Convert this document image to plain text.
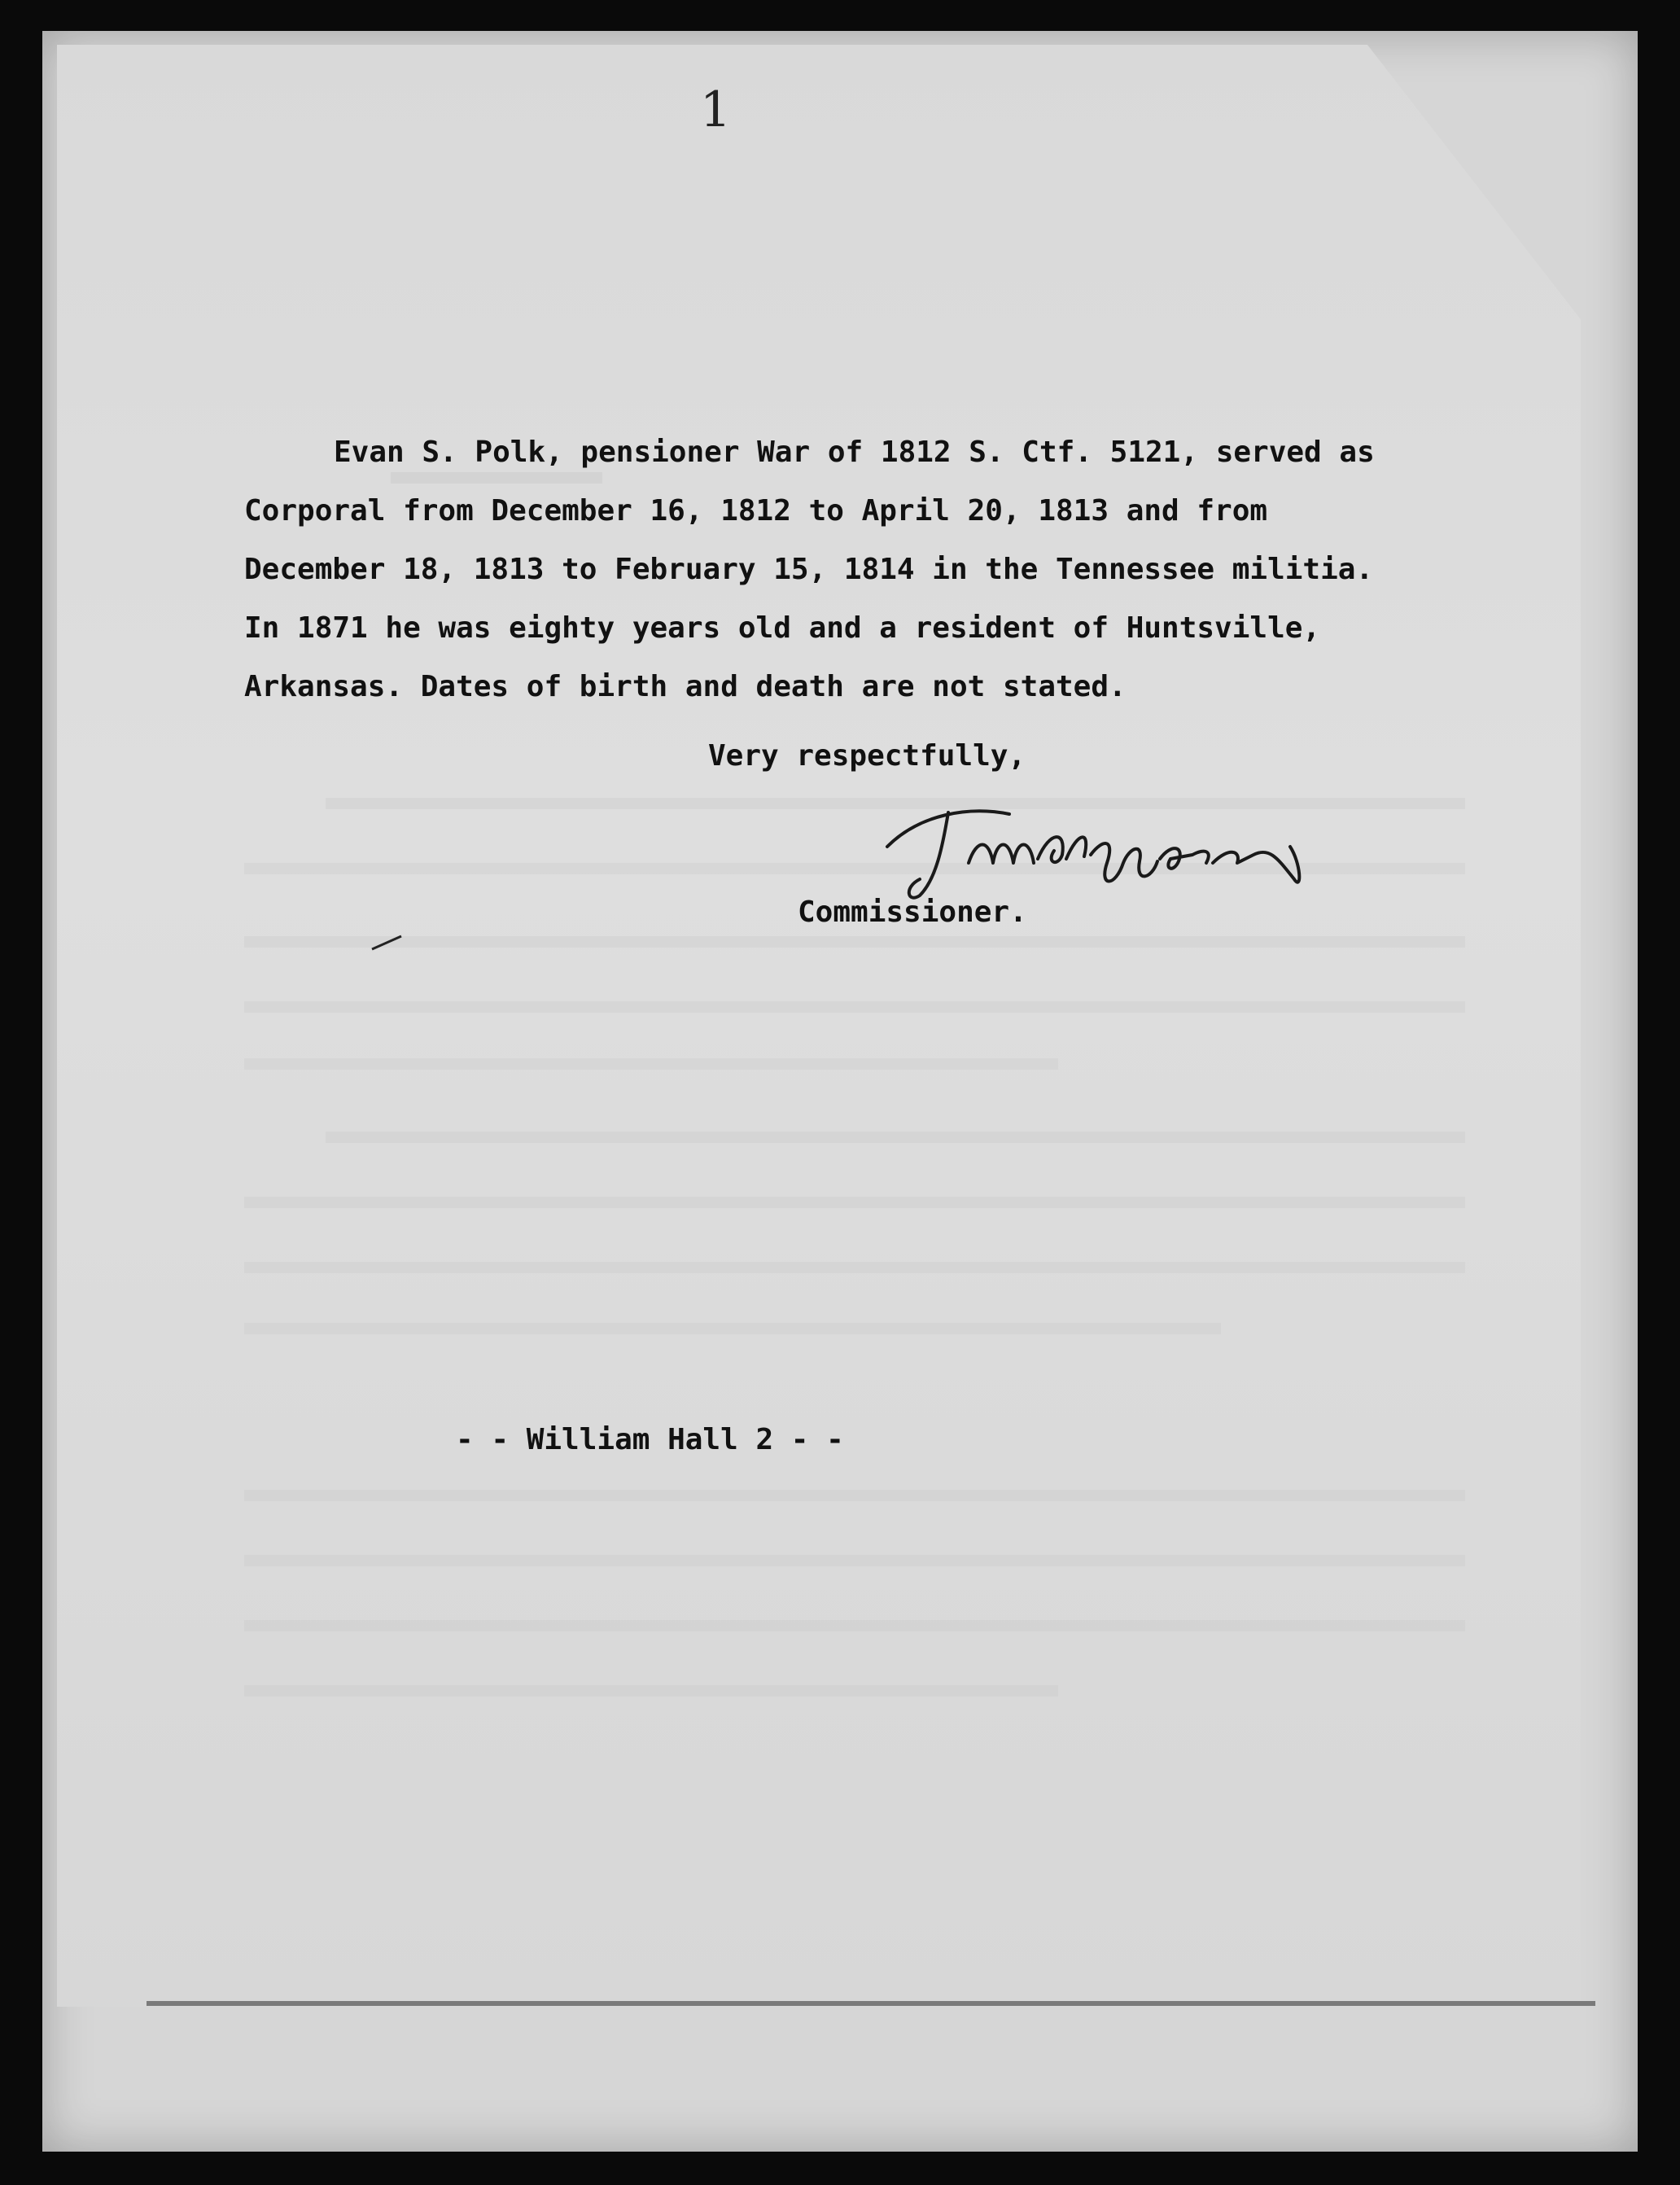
1
Evan S. Polk, pensioner War of 1812 S. Ctf. 5121, served as
Corporal from December 16, 1812 to April 20, 1813 and from
December 18, 1813 to February 15, 1814 in the Tennessee militia.
In 1871 he was eighty years old and a resident of Huntsville,
Arkansas. Dates of birth and death are not stated.
Very respectfully,
Commissioner.
- - William Hall 2 - -
